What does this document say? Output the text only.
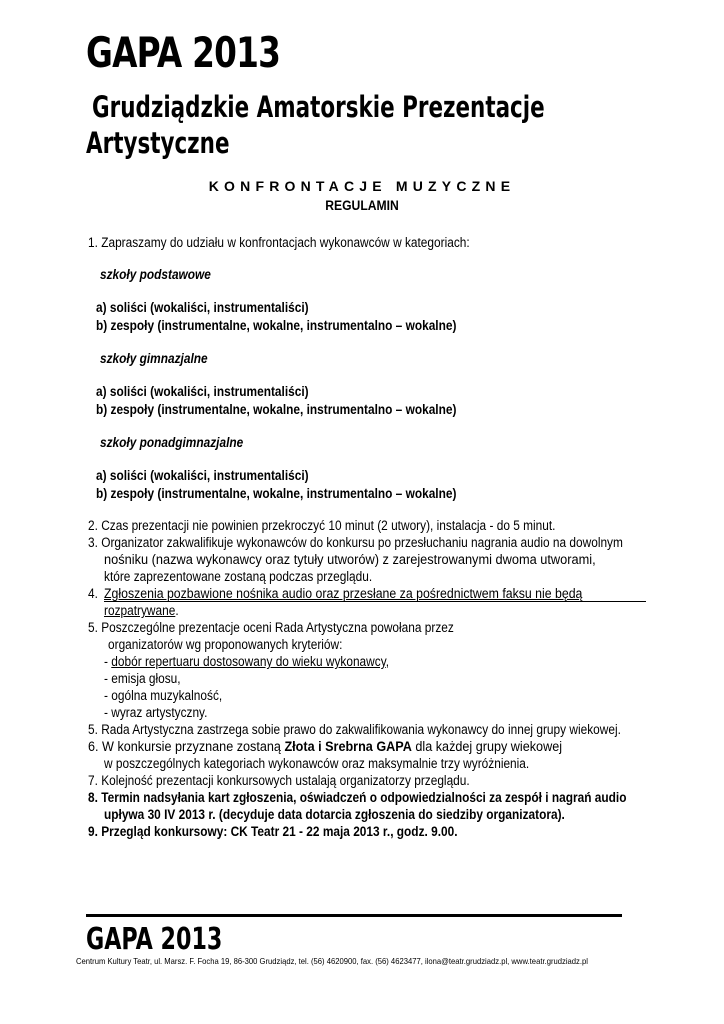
GAPA 2013
Grudziądzkie Amatorskie Prezentacje
Artystyczne
KONFRONTACJE MUZYCZNE
REGULAMIN
1. Zapraszamy do udziału w konfrontacjach wykonawców w kategoriach:
szkoły podstawowe
a) soliści (wokaliści, instrumentaliści)
b) zespoły (instrumentalne, wokalne, instrumentalno – wokalne)
szkoły gimnazjalne
a) soliści (wokaliści, instrumentaliści)
b) zespoły (instrumentalne, wokalne, instrumentalno – wokalne)
szkoły ponadgimnazjalne
a) soliści (wokaliści, instrumentaliści)
b) zespoły (instrumentalne, wokalne, instrumentalno – wokalne)
2. Czas prezentacji nie powinien przekroczyć 10 minut (2 utwory), instalacja - do 5 minut.
3. Organizator zakwalifikuje wykonawców do konkursu po przesłuchaniu nagrania audio na dowolnym
nośniku (nazwa wykonawcy oraz tytuły utworów) z zarejestrowanymi dwoma utworami,
które zaprezentowane zostaną podczas przeglądu.
4. Zgłoszenia pozbawione nośnika audio oraz przesłane za pośrednictwem faksu nie będą
rozpatrywane.
5. Poszczególne prezentacje oceni Rada Artystyczna powołana przez
organizatorów wg proponowanych kryteriów:
- dobór repertuaru dostosowany do wieku wykonawcy,
- emisja głosu,
- ogólna muzykalność,
- wyraz artystyczny.
5. Rada Artystyczna zastrzega sobie prawo do zakwalifikowania wykonawcy do innej grupy wiekowej.
6. W konkursie przyznane zostaną Złota i Srebrna GAPA dla każdej grupy wiekowej
w poszczególnych kategoriach wykonawców oraz maksymalnie trzy wyróżnienia.
7. Kolejność prezentacji konkursowych ustalają organizatorzy przeglądu.
8. Termin nadsyłania kart zgłoszenia, oświadczeń o odpowiedzialności za zespół i nagrań audio
upływa 30 IV 2013 r. (decyduje data dotarcia zgłoszenia do siedziby organizatora).
9. Przegląd konkursowy: CK Teatr 21 - 22 maja 2013 r., godz. 9.00.
GAPA 2013
Centrum Kultury Teatr, ul. Marsz. F. Focha 19, 86-300 Grudziądz, tel. (56) 4620900, fax. (56) 4623477, ilona@teatr.grudziadz.pl, www.teatr.grudziadz.pl
